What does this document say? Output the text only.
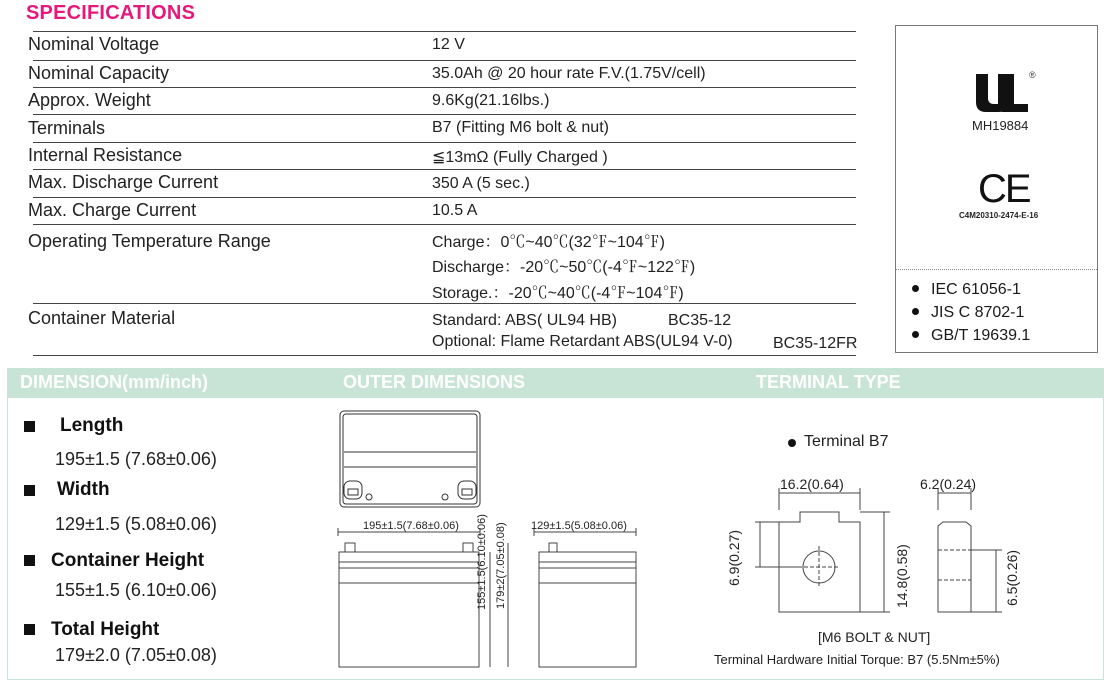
SPECIFICATIONS
Nominal Voltage	12 V
Nominal Capacity	35.0Ah @ 20 hour rate F.V.(1.75V/cell)
Approx. Weight	9.6Kg(21.16lbs.)
Terminals	B7 (Fitting M6 bolt & nut)
Internal Resistance	≦13mΩ (Fully Charged )
Max. Discharge Current	350 A (5 sec.)
Max. Charge Current	10.5 A
Operating Temperature Range	Charge：0℃~40℃(32℉~104℉)
Discharge：-20℃~50℃(-4℉~122℉)
Storage.：-20℃~40℃(-4℉~104℉)
Container Material	Standard: ABS( UL94 HB)	BC35-12
Optional: Flame Retardant ABS(UL94 V-0)	BC35-12FR
®
MH19884
CE
C4M20310-2474-E-16
IEC 61056-1
JIS C 8702-1
GB/T 19639.1
DIMENSION(mm/inch)	OUTER DIMENSIONS	TERMINAL TYPE
Length
195±1.5 (7.68±0.06)
Width
129±1.5 (5.08±0.06)
Container Height
155±1.5 (6.10±0.06)
Total Height
179±2.0 (7.05±0.08)
195±1.5(7.68±0.06)	129±1.5(5.08±0.06)
155±1.5(6.10±0.06) 179±2(7.05±0.08)
Terminal B7
16.2(0.64)	6.2(0.24)
6.9(0.27)	14.8(0.58)	6.5(0.26)
[M6 BOLT & NUT]
Terminal Hardware Initial Torque: B7 (5.5Nm±5%)
